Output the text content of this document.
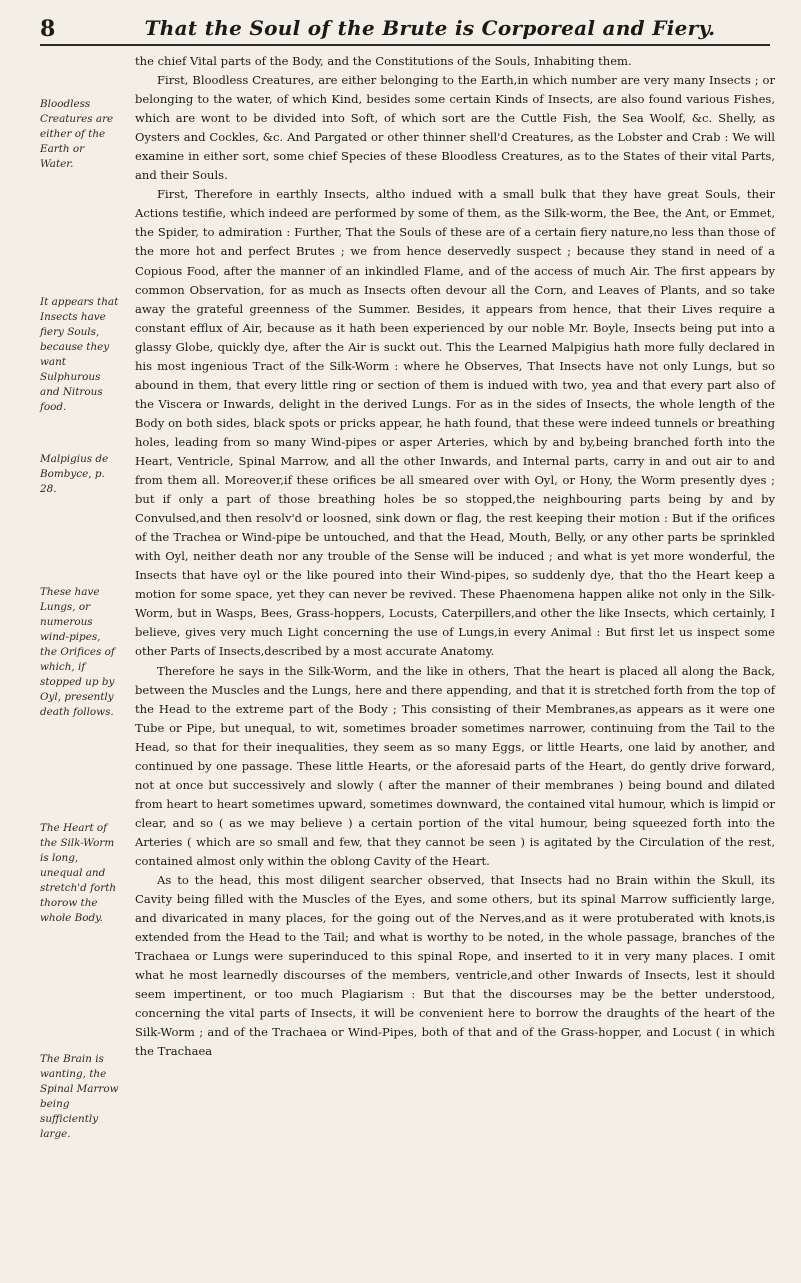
8	That the Soul of the Brute is Corporeal and Fiery.
Bloodless Creatures are either of the Earth or Water.
It appears that Insects have fiery Souls, because they want Sulphurous and Nitrous food.
Malpigius de Bombyce, p. 28.
These have Lungs, or numerous wind-pipes, the Orifices of which, if stopped up by Oyl, presently death follows.
The Heart of the Silk-Worm is long, unequal and stretch'd forth thorow the whole Body.
The Brain is wanting, the Spinal Marrow being sufficiently large.

the chief Vital parts of the Body, and the Constitutions of the Souls, Inhabiting them.

First, Bloodless Creatures, are either belonging to the Earth,in which number are very many Insects ; or belonging to the water, of which Kind, besides some certain Kinds of Insects, are also found various Fishes, which are wont to be divided into Soft, of which sort are the Cuttle Fish, the Sea Woolf, &c. Shelly, as Oysters and Cockles, &c. And Pargated or other thinner shell'd Creatures, as the Lobster and Crab : We will examine in either sort, some chief Species of these Bloodless Creatures, as to the States of their vital Parts, and their Souls.

First, Therefore in earthly Insects, altho indued with a small bulk that they have great Souls, their Actions testifie, which indeed are performed by some of them, as the Silk-worm, the Bee, the Ant, or Emmet, the Spider, to admiration : Further, That the Souls of these are of a certain fiery nature,no less than those of the more hot and perfect Brutes ; we from hence deservedly suspect ; because they stand in need of a Copious Food, after the manner of an inkindled Flame, and of the access of much Air. The first appears by common Observation, for as much as Insects often devour all the Corn, and Leaves of Plants, and so take away the grateful greenness of the Summer. Besides, it appears from hence, that their Lives require a constant efflux of Air, because as it hath been experienced by our noble Mr. Boyle, Insects being put into a glassy Globe, quickly dye, after the Air is suckt out. This the Learned Malpigius hath more fully declared in his most ingenious Tract of the Silk-Worm : where he Observes, That Insects have not only Lungs, but so abound in them, that every little ring or section of them is indued with two, yea and that every part also of the Viscera or Inwards, delight in the derived Lungs. For as in the sides of Insects, the whole length of the Body on both sides, black spots or pricks appear, he hath found, that these were indeed tunnels or breathing holes, leading from so many Wind-pipes or asper Arteries, which by and by,being branched forth into the Heart, Ventricle, Spinal Marrow, and all the other Inwards, and Internal parts, carry in and out air to and from them all. Moreover,if these orifices be all smeared over with Oyl, or Hony, the Worm presently dyes ; but if only a part of those breathing holes be so stopped,the neighbouring parts being by and by Convulsed,and then resolv'd or loosned, sink down or flag, the rest keeping their motion : But if the orifices of the Trachea or Wind-pipe be untouched, and that the Head, Mouth, Belly, or any other parts be sprinkled with Oyl, neither death nor any trouble of the Sense will be induced ; and what is yet more wonderful, the Insects that have oyl or the like poured into their Wind-pipes, so suddenly dye, that tho the Heart keep a motion for some space, yet they can never be revived. These Phaenomena happen alike not only in the Silk-Worm, but in Wasps, Bees, Grass-hoppers, Locusts, Caterpillers,and other the like Insects, which certainly, I believe, gives very much Light concerning the use of Lungs,in every Animal : But first let us inspect some other Parts of Insects,described by a most accurate Anatomy.

Therefore he says in the Silk-Worm, and the like in others, That the heart is placed all along the Back, between the Muscles and the Lungs, here and there appending, and that it is stretched forth from the top of the Head to the extreme part of the Body ; This consisting of their Membranes,as appears as it were one Tube or Pipe, but unequal, to wit, sometimes broader sometimes narrower, continuing from the Tail to the Head, so that for their inequalities, they seem as so many Eggs, or little Hearts, one laid by another, and continued by one passage. These little Hearts, or the aforesaid parts of the Heart, do gently drive forward, not at once but successively and slowly ( after the manner of their membranes ) being bound and dilated from heart to heart sometimes upward, sometimes downward, the contained vital humour, which is limpid or clear, and so ( as we may believe ) a certain portion of the vital humour, being squeezed forth into the Arteries ( which are so small and few, that they cannot be seen ) is agitated by the Circulation of the rest, contained almost only within the oblong Cavity of the Heart.

As to the head, this most diligent searcher observed, that Insects had no Brain within the Skull, its Cavity being filled with the Muscles of the Eyes, and some others, but its spinal Marrow sufficiently large, and divaricated in many places, for the going out of the Nerves,and as it were protuberated with knots,is extended from the Head to the Tail; and what is worthy to be noted, in the whole passage, branches of the Trachaea or Lungs were superinduced to this spinal Rope, and inserted to it in very many places. I omit what he most learnedly discourses of the members, ventricle,and other Inwards of Insects, lest it should seem impertinent, or too much Plagiarism : But that the discourses may be the better understood, concerning the vital parts of Insects, it will be convenient here to borrow the draughts of the heart of the Silk-Worm ; and of the Trachaea or Wind-Pipes, both of that and of the Grass-hopper, and Locust ( in which the Trachaea
